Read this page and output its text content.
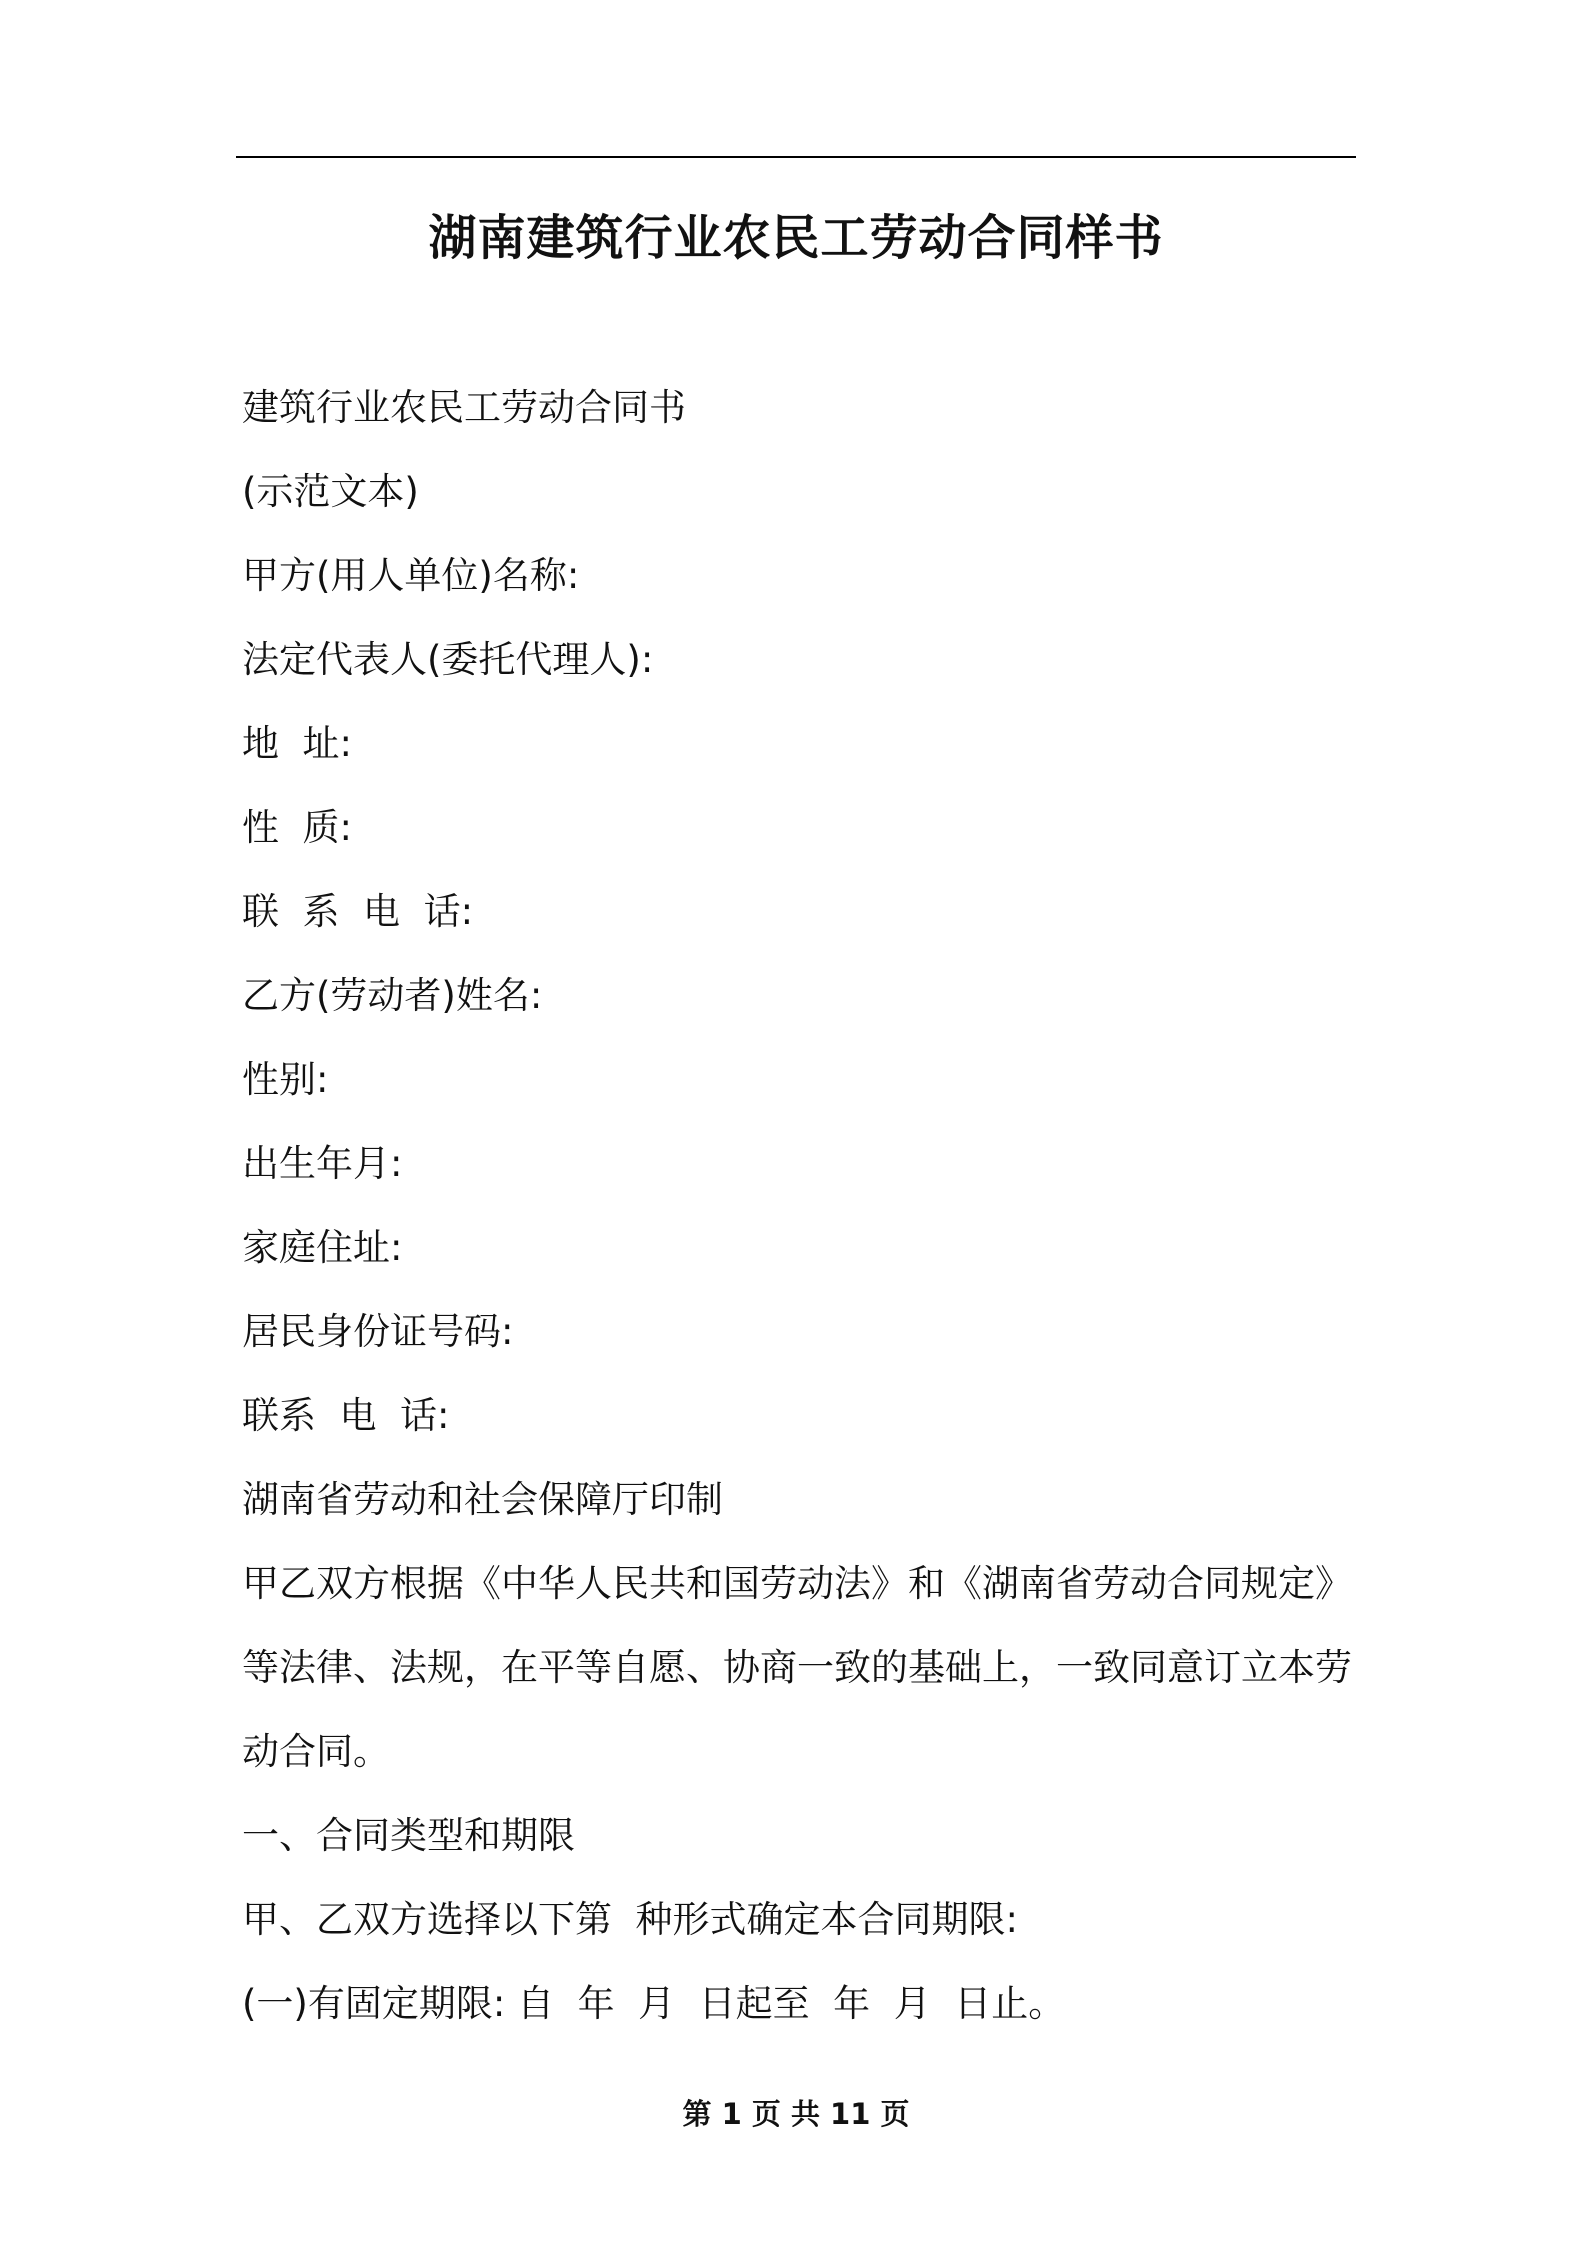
湖南建筑行业农民工劳动合同样书
建筑行业农民工劳动合同书
(示范文本)
甲方(用人单位)名称:
法定代表人(委托代理人):
地  址:
性  质:
联  系  电  话:
乙方(劳动者)姓名:
性别:
出生年月:
家庭住址:
居民身份证号码:
联系  电  话:
湖南省劳动和社会保障厅印制
甲乙双方根据《中华人民共和国劳动法》和《湖南省劳动合同规定》
等法律、法规，在平等自愿、协商一致的基础上，一致同意订立本劳
动合同。
一、合同类型和期限
甲、乙双方选择以下第  种形式确定本合同期限:
(一)有固定期限: 自  年  月  日起至  年  月  日止。
第 1 页 共 11 页
